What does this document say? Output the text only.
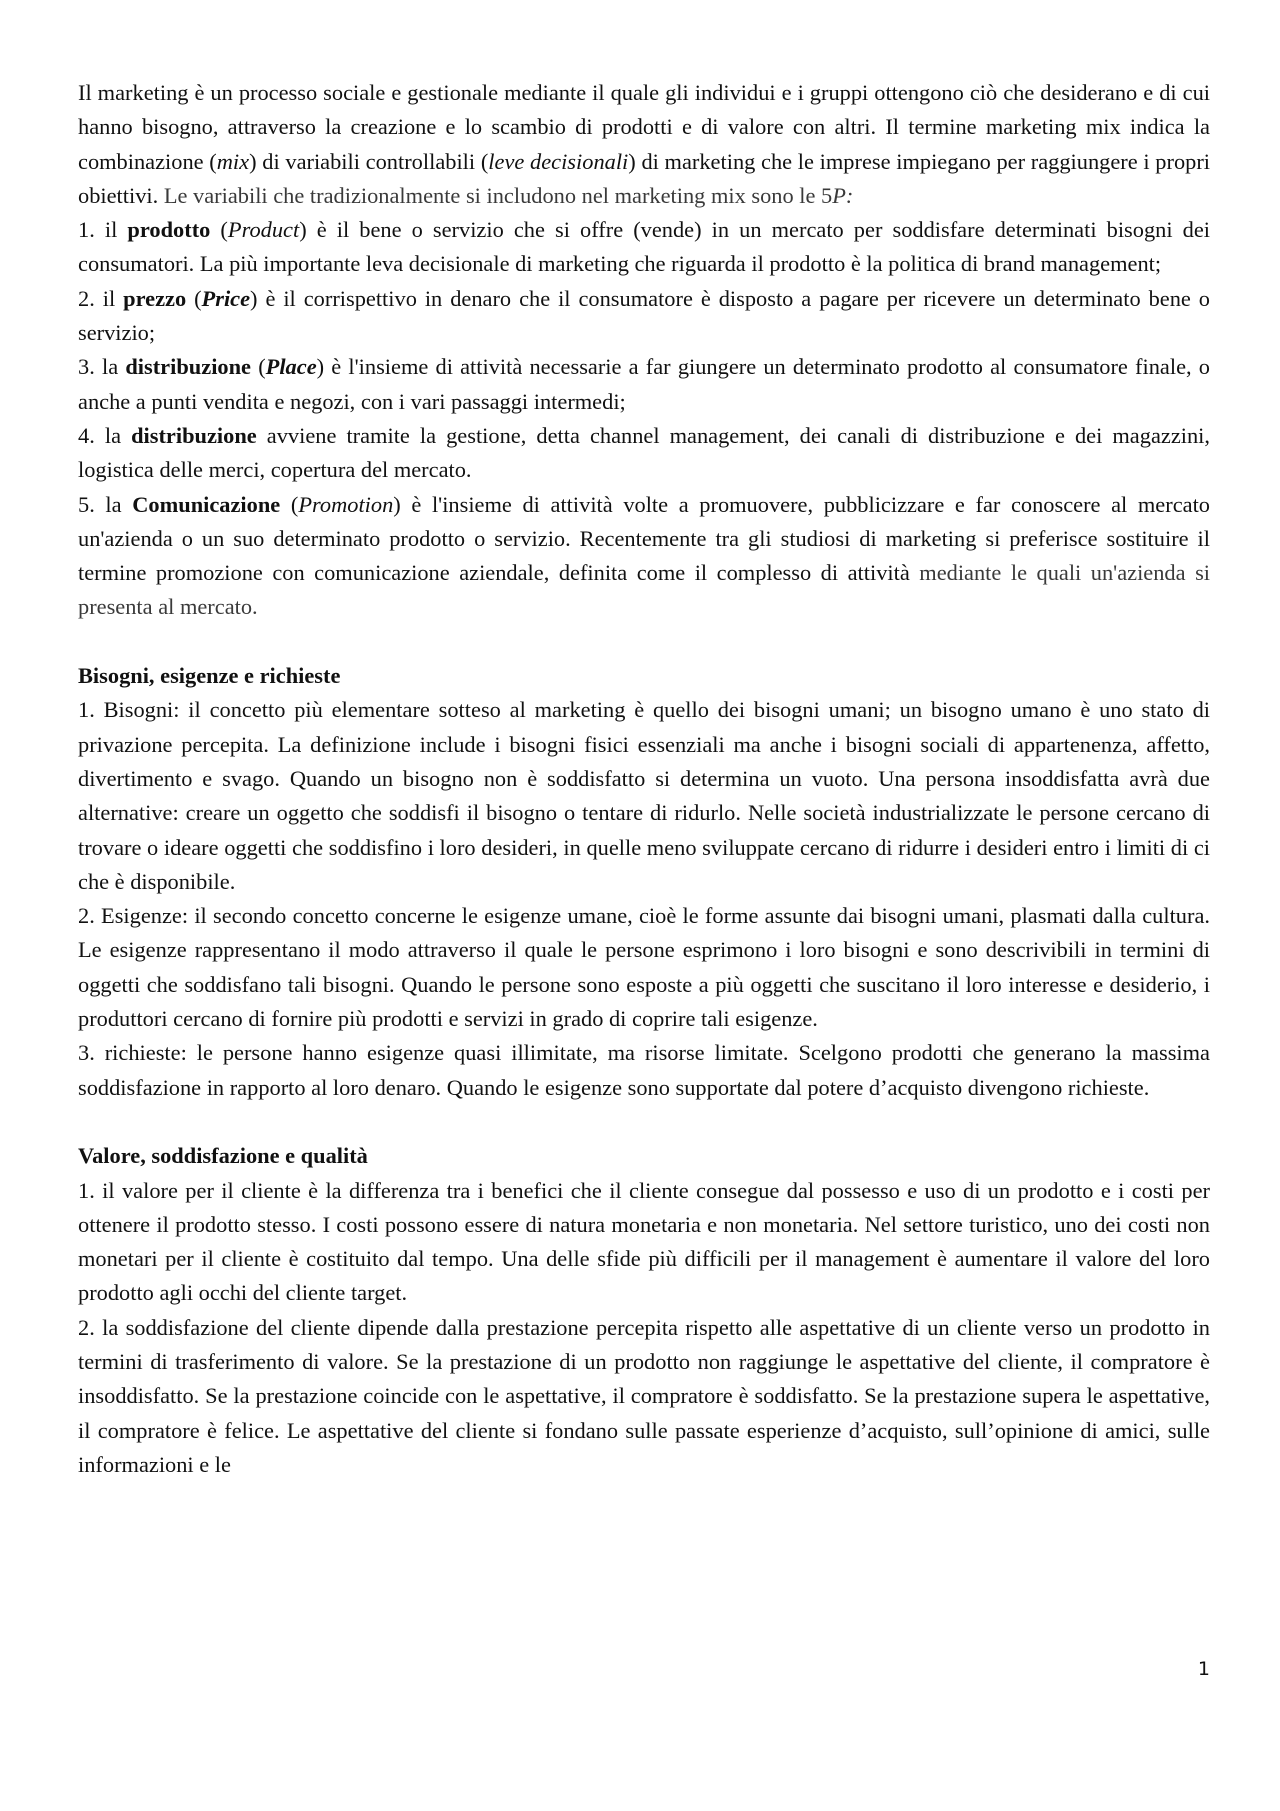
Il marketing è un processo sociale e gestionale mediante il quale gli individui e i gruppi ottengono ciò che desiderano e di cui hanno bisogno, attraverso la creazione e lo scambio di prodotti e di valore con altri. Il termine marketing mix indica la combinazione (mix) di variabili controllabili (leve decisionali) di marketing che le imprese impiegano per raggiungere i propri obiettivi. Le variabili che tradizionalmente si includono nel marketing mix sono le 5P:

1. il prodotto (Product) è il bene o servizio che si offre (vende) in un mercato per soddisfare determinati bisogni dei consumatori. La più importante leva decisionale di marketing che riguarda il prodotto è la politica di brand management;

2. il prezzo (Price) è il corrispettivo in denaro che il consumatore è disposto a pagare per ricevere un determinato bene o servizio;

3. la distribuzione (Place) è l'insieme di attività necessarie a far giungere un determinato prodotto al consumatore finale, o anche a punti vendita e negozi, con i vari passaggi intermedi;

4. la distribuzione avviene tramite la gestione, detta channel management, dei canali di distribuzione e dei magazzini, logistica delle merci, copertura del mercato.

5. la Comunicazione (Promotion) è l'insieme di attività volte a promuovere, pubblicizzare e far conoscere al mercato un'azienda o un suo determinato prodotto o servizio. Recentemente tra gli studiosi di marketing si preferisce sostituire il termine promozione con comunicazione aziendale, definita come il complesso di attività mediante le quali un'azienda si presenta al mercato.

Bisogni, esigenze e richieste

1. Bisogni: il concetto più elementare sotteso al marketing è quello dei bisogni umani; un bisogno umano è uno stato di privazione percepita. La definizione include i bisogni fisici essenziali ma anche i bisogni sociali di appartenenza, affetto, divertimento e svago. Quando un bisogno non è soddisfatto si determina un vuoto. Una persona insoddisfatta avrà due alternative: creare un oggetto che soddisfi il bisogno o tentare di ridurlo. Nelle società industrializzate le persone cercano di trovare o ideare oggetti che soddisfino i loro desideri, in quelle meno sviluppate cercano di ridurre i desideri entro i limiti di ci che è disponibile.

2. Esigenze: il secondo concetto concerne le esigenze umane, cioè le forme assunte dai bisogni umani, plasmati dalla cultura. Le esigenze rappresentano il modo attraverso il quale le persone esprimono i loro bisogni e sono descrivibili in termini di oggetti che soddisfano tali bisogni. Quando le persone sono esposte a più oggetti che suscitano il loro interesse e desiderio, i produttori cercano di fornire più prodotti e servizi in grado di coprire tali esigenze.

3. richieste: le persone hanno esigenze quasi illimitate, ma risorse limitate. Scelgono prodotti che generano la massima soddisfazione in rapporto al loro denaro. Quando le esigenze sono supportate dal potere d’acquisto divengono richieste.

Valore, soddisfazione e qualità

1. il valore per il cliente è la differenza tra i benefici che il cliente consegue dal possesso e uso di un prodotto e i costi per ottenere il prodotto stesso. I costi possono essere di natura monetaria e non monetaria. Nel settore turistico, uno dei costi non monetari per il cliente è costituito dal tempo. Una delle sfide più difficili per il management è aumentare il valore del loro prodotto agli occhi del cliente target.

2. la soddisfazione del cliente dipende dalla prestazione percepita rispetto alle aspettative di un cliente verso un prodotto in termini di trasferimento di valore. Se la prestazione di un prodotto non raggiunge le aspettative del cliente, il compratore è insoddisfatto. Se la prestazione coincide con le aspettative, il compratore è soddisfatto. Se la prestazione supera le aspettative, il compratore è felice. Le aspettative del cliente si fondano sulle passate esperienze d’acquisto, sull’opinione di amici, sulle informazioni e le

1
